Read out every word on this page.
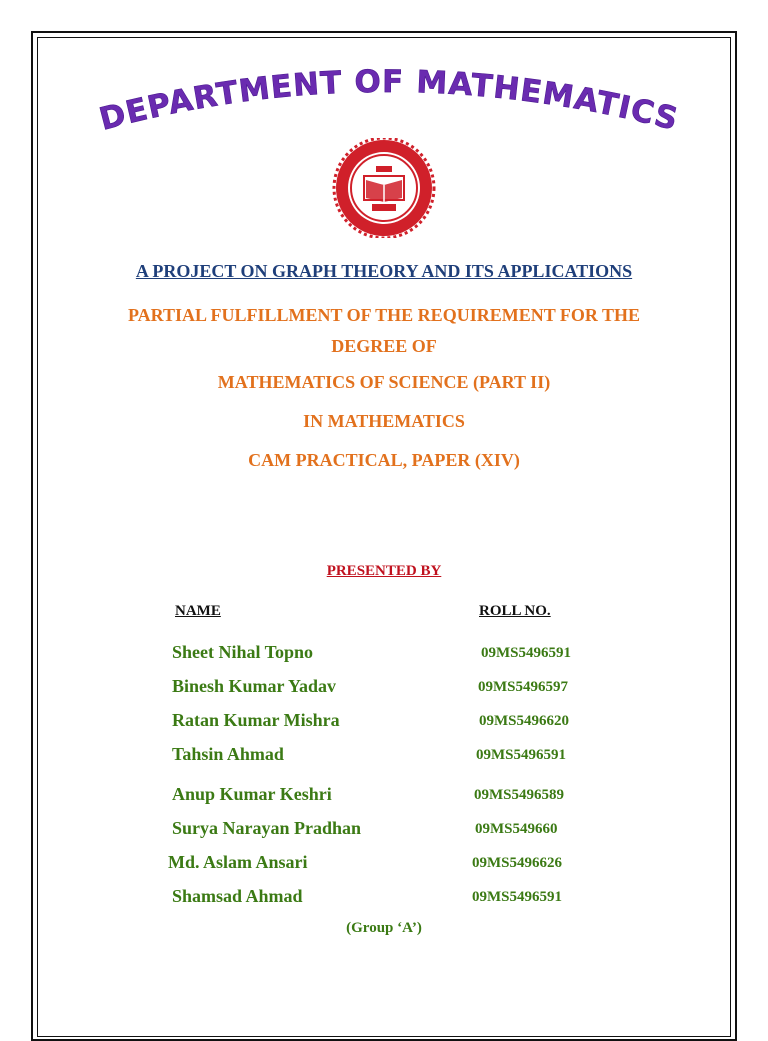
DEPARTMENT OF MATHEMATICS
A PROJECT ON GRAPH THEORY AND ITS APPLICATIONS
PARTIAL FULFILLMENT OF THE REQUIREMENT FOR THE
DEGREE OF
MATHEMATICS OF SCIENCE (PART II)
IN MATHEMATICS
CAM PRACTICAL, PAPER (XIV)
PRESENTED BY
NAME	ROLL NO.
Sheet Nihal Topno	09MS5496591
Binesh Kumar Yadav	09MS5496597
Ratan Kumar Mishra	09MS5496620
Tahsin Ahmad	09MS5496591
Anup Kumar Keshri	09MS5496589
Surya Narayan Pradhan	09MS549660
Md. Aslam Ansari	09MS5496626
Shamsad Ahmad	09MS5496591
(Group ‘A’)
